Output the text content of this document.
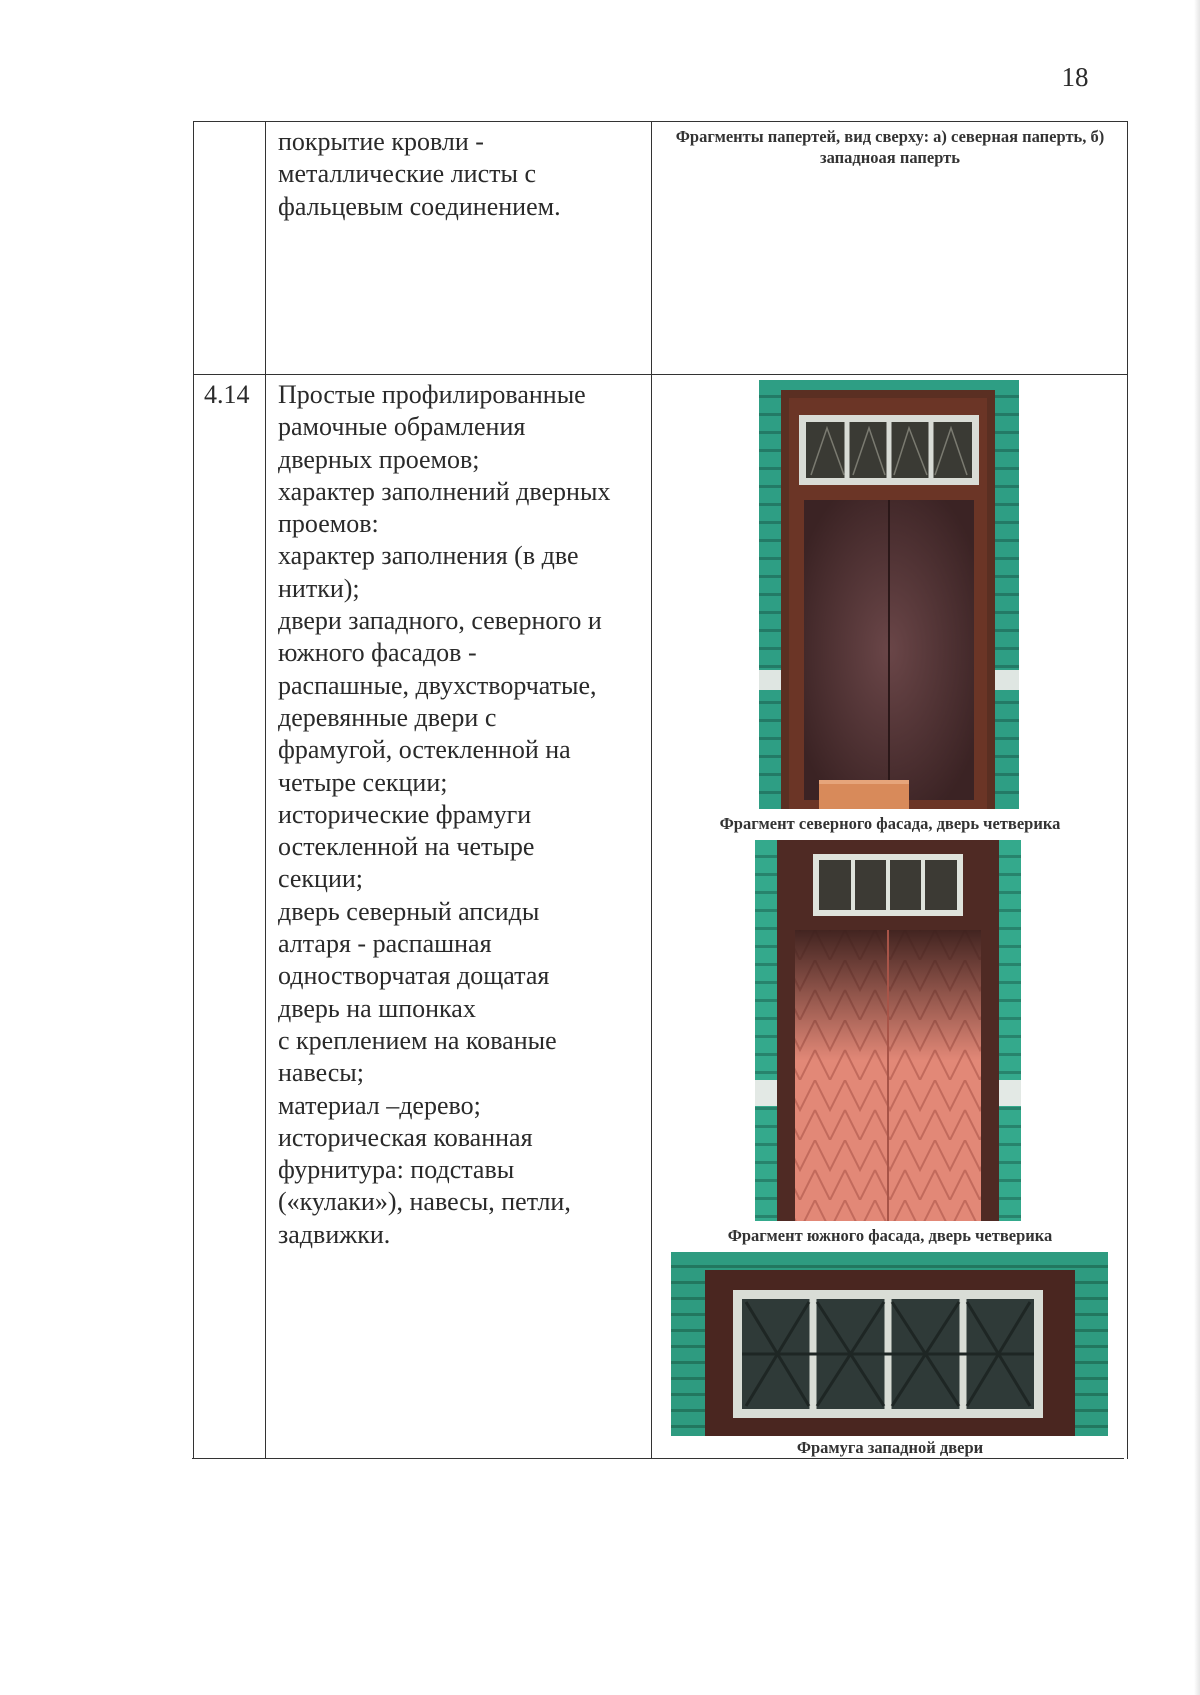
18
покрытие кровли -
металлические листы с
фальцевым соединением.
Фрагменты папертей, вид сверху: а) северная паперть, б) западноая паперть
4.14 Простые профилированные
рамочные обрамления
дверных проемов;
характер заполнений дверных
проемов:
характер заполнения (в две
нитки);
двери западного, северного и
южного фасадов -
распашные, двухстворчатые,
деревянные двери с
фрамугой, остекленной на
четыре секции;
исторические фрамуги
остекленной на четыре
секции;
дверь северный апсиды
алтаря - распашная
одностворчатая дощатая
дверь на шпонках
с креплением на кованые
навесы;
материал –дерево;
историческая кованная
фурнитура: подставы
(«кулаки»), навесы, петли,
задвижки.
Фрагмент северного фасада, дверь четверика
Фрагмент южного фасада, дверь четверика
Фрамуга западной двери
